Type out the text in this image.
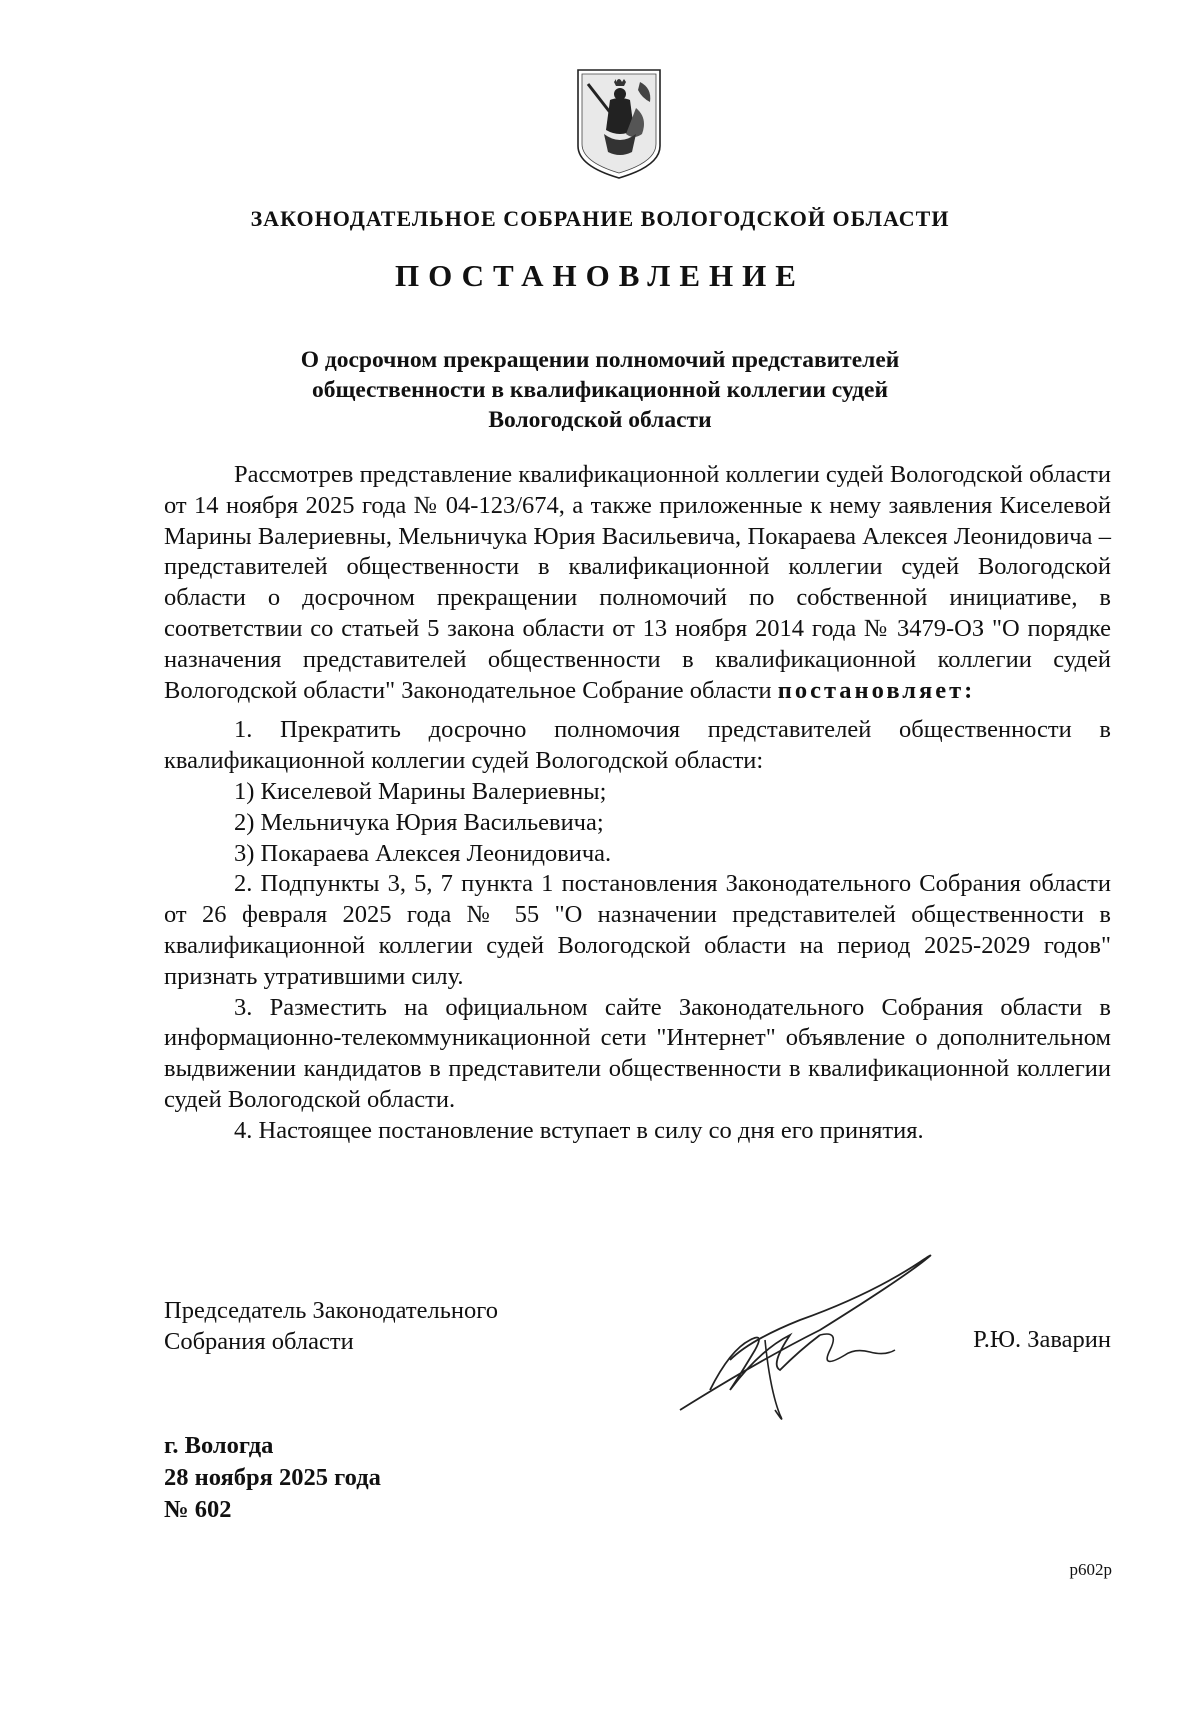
ЗАКОНОДАТЕЛЬНОЕ СОБРАНИЕ ВОЛОГОДСКОЙ ОБЛАСТИ
ПОСТАНОВЛЕНИЕ
О досрочном прекращении полномочий представителей
общественности в квалификационной коллегии судей
Вологодской области

Рассмотрев представление квалификационной коллегии судей Вологодской области от 14 ноября 2025 года № 04-123/674, а также приложенные к нему заявления Киселевой Марины Валериевны, Мельничука Юрия Васильевича, Покараева Алексея Леонидовича – представителей общественности в квалификационной коллегии судей Вологодской области о досрочном прекращении полномочий по собственной инициативе, в соответствии со статьей 5 закона области от 13 ноября 2014 года № 3479-ОЗ "О порядке назначения представителей общественности в квалификационной коллегии судей Вологодской области" Законодательное Собрание области постановляет:

1. Прекратить досрочно полномочия представителей общественности в квалификационной коллегии судей Вологодской области:

1) Киселевой Марины Валериевны;

2) Мельничука Юрия Васильевича;

3) Покараева Алексея Леонидовича.

2. Подпункты 3, 5, 7 пункта 1 постановления Законодательного Собрания области от 26 февраля 2025 года № 55 "О назначении представителей общественности в квалификационной коллегии судей Вологодской области на период 2025-2029 годов" признать утратившими силу.

3. Разместить на официальном сайте Законодательного Собрания области в информационно-телекоммуникационной сети "Интернет" объявление о дополнительном выдвижении кандидатов в представители общественности в квалификационной коллегии судей Вологодской области.

4. Настоящее постановление вступает в силу со дня его принятия.

Председатель Законодательного
Собрания области	Р.Ю. Заварин
г. Вологда
28 ноября 2025 года
№ 602
р602р
